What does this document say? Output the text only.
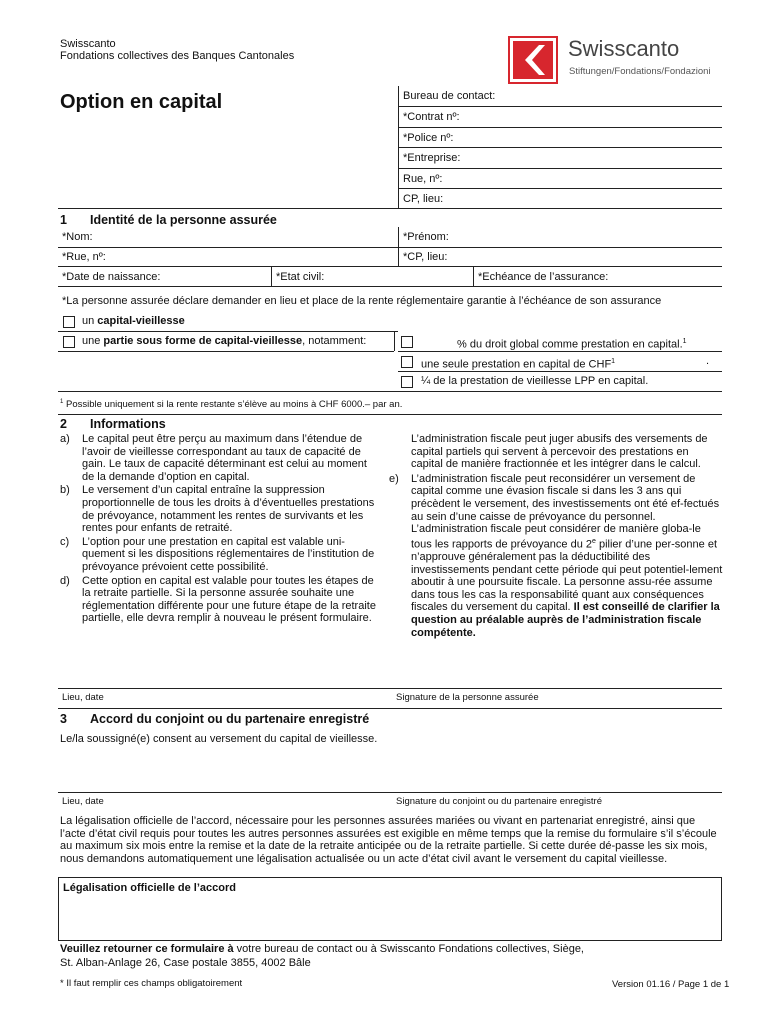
Swisscanto
Fondations collectives des Banques Cantonales	Swisscanto
Stiftungen/Fondations/Fondazioni
Option en capital	Bureau de contact:
*Contrat nº:
*Police nº:
*Entreprise:
Rue, nº:
CP, lieu:
1 Identité de la personne assurée
*Nom:	*Prénom:
*Rue, nº:	*CP, lieu:
*Date de naissance:	*Etat civil:	*Echéance de l’assurance:
*La personne assurée déclare demander en lieu et place de la rente réglementaire garantie à l’échéance de son assurance
un capital-vieillesse
une partie sous forme de capital-vieillesse, notamment:	% du droit global comme prestation en capital.$^1$
une seule prestation en capital de CHF$^1$	.
¼ de la prestation de vieillesse LPP en capital.
$^1$ Possible uniquement si la rente restante s’élève au moins à CHF 6000.– par an.
2 Informations
a)	Le capital peut être perçu au maximum dans l’étendue de l’avoir de vieillesse correspondant au taux de capacité de gain. Le taux de capacité déterminant est celui au moment de la demande d’option en capital.
b)	Le versement d’un capital entraîne la suppression proportionnelle de tous les droits à d’éventuelles prestations de prévoyance, notamment les rentes de survivants et les rentes pour enfants de retraité.
c)	L’option pour une prestation en capital est valable uni-quement si les dispositions réglementaires de l’institution de prévoyance prévoient cette possibilité.
d)	Cette option en capital est valable pour toutes les étapes de la retraite partielle. Si la personne assurée souhaite une réglementation différente pour une future étape de la retraite partielle, elle devra remplir à nouveau le présent formulaire.
L’administration fiscale peut juger abusifs des versements de capital partiels qui servent à percevoir des prestations en capital de manière fractionnée et les intégrer dans le calcul.
e)	L’administration fiscale peut reconsidérer un versement de capital comme une évasion fiscale si dans les 3 ans qui précèdent le versement, des investissements ont été ef-fectués au sein d’une caisse de prévoyance du personnel. L’administration fiscale peut considérer de manière globa-le tous les rapports de prévoyance du 2e pilier d’une per-sonne et n’approuve généralement pas la déductibilité des investissements pendant cette période qui peut potentiel-lement aboutir à une poursuite fiscale. La personne assu-rée assume dans tous les cas la responsabilité quant aux conséquences fiscales du versement du capital. Il est conseillé de clarifier la question au préalable auprès de l’administration fiscale compétente.
Lieu, date	Signature de la personne assurée
3 Accord du conjoint ou du partenaire enregistré
Le/la soussigné(e) consent au versement du capital de vieillesse.
Lieu, date	Signature du conjoint ou du partenaire enregistré
La légalisation officielle de l’accord, nécessaire pour les personnes assurées mariées ou vivant en partenariat enregistré, ainsi que l’acte d’état civil requis pour toutes les autres personnes assurées est exigible en même temps que la remise du formulaire s’il s’écoule au maximum six mois entre la remise et la date de la retraite anticipée ou de la retraite partielle. Si cette durée dé-passe les six mois, nous demandons automatiquement une légalisation actualisée ou un acte d’état civil avant le versement du capital vieillesse.
Légalisation officielle de l’accord
Veuillez retourner ce formulaire à votre bureau de contact ou à Swisscanto Fondations collectives, Siège,
St. Alban-Anlage 26, Case postale 3855, 4002 Bâle
* Il faut remplir ces champs obligatoirement	Version 01.16 / Page 1 de 1
